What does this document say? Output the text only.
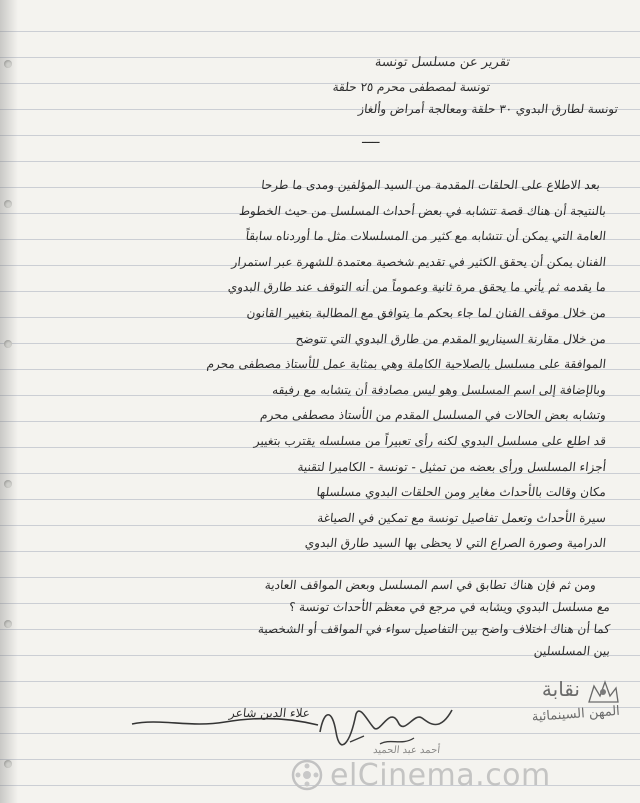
تقرير عن مسلسل تونسة
تونسة لمصطفى محرم ٢٥ حلقة
تونسة لطارق البدوي ٣٠ حلقة ومعالجة أمراض وألغاز
ـــــ
بعد الاطلاع على الحلقات المقدمة من السيد المؤلفين ومدى ما طرحا
بالنتيجة أن هناك قصة تتشابه في بعض أحداث المسلسل من حيث الخطوط
العامة التي يمكن أن تتشابه مع كثير من المسلسلات مثل ما أوردناه سابقاً
الفنان يمكن أن يحقق الكثير في تقديم شخصية معتمدة للشهرة عبر استمرار
ما يقدمه ثم يأتي ما يحقق مرة ثانية وعموماً من أنه التوقف عند طارق البدوي
من خلال موقف الفنان لما جاء بحكم ما يتوافق مع المطالبة بتغيير القانون
من خلال مقارنة السيناريو المقدم من طارق البدوي التي تتوضح
الموافقة على مسلسل بالصلاحية الكاملة وهي بمثابة عمل للأستاذ مصطفى محرم
وبالإضافة إلى اسم المسلسل وهو ليس مصادفة أن يتشابه مع رفيقه
وتشابه بعض الحالات في المسلسل المقدم من الأستاذ مصطفى محرم
قد اطلع على مسلسل البدوي لكنه رأى تعبيراً من مسلسله يقترب بتغيير
أجزاء المسلسل ورأى بعضه من تمثيل - تونسة - الكاميرا لتقنية
مكان وقالت بالأحداث مغاير ومن الحلقات البدوي مسلسلها
سيرة الأحداث وتعمل تفاصيل تونسة مع تمكين في الصياغة
الدرامية وصورة الصراع التي لا يحظى بها السيد طارق البدوي
ومن ثم فإن هناك تطابق في اسم المسلسل وبعض المواقف العادية
مع مسلسل البدوي ويشابه في مرجع في معظم الأحداث تونسة ؟
كما أن هناك اختلاف واضح بين التفاصيل سواء في المواقف أو الشخصية
بين المسلسلين
علاء الدين شاعر
أحمد عبد الحميد
نقابة
المهن السينمائية
elCinema.com
